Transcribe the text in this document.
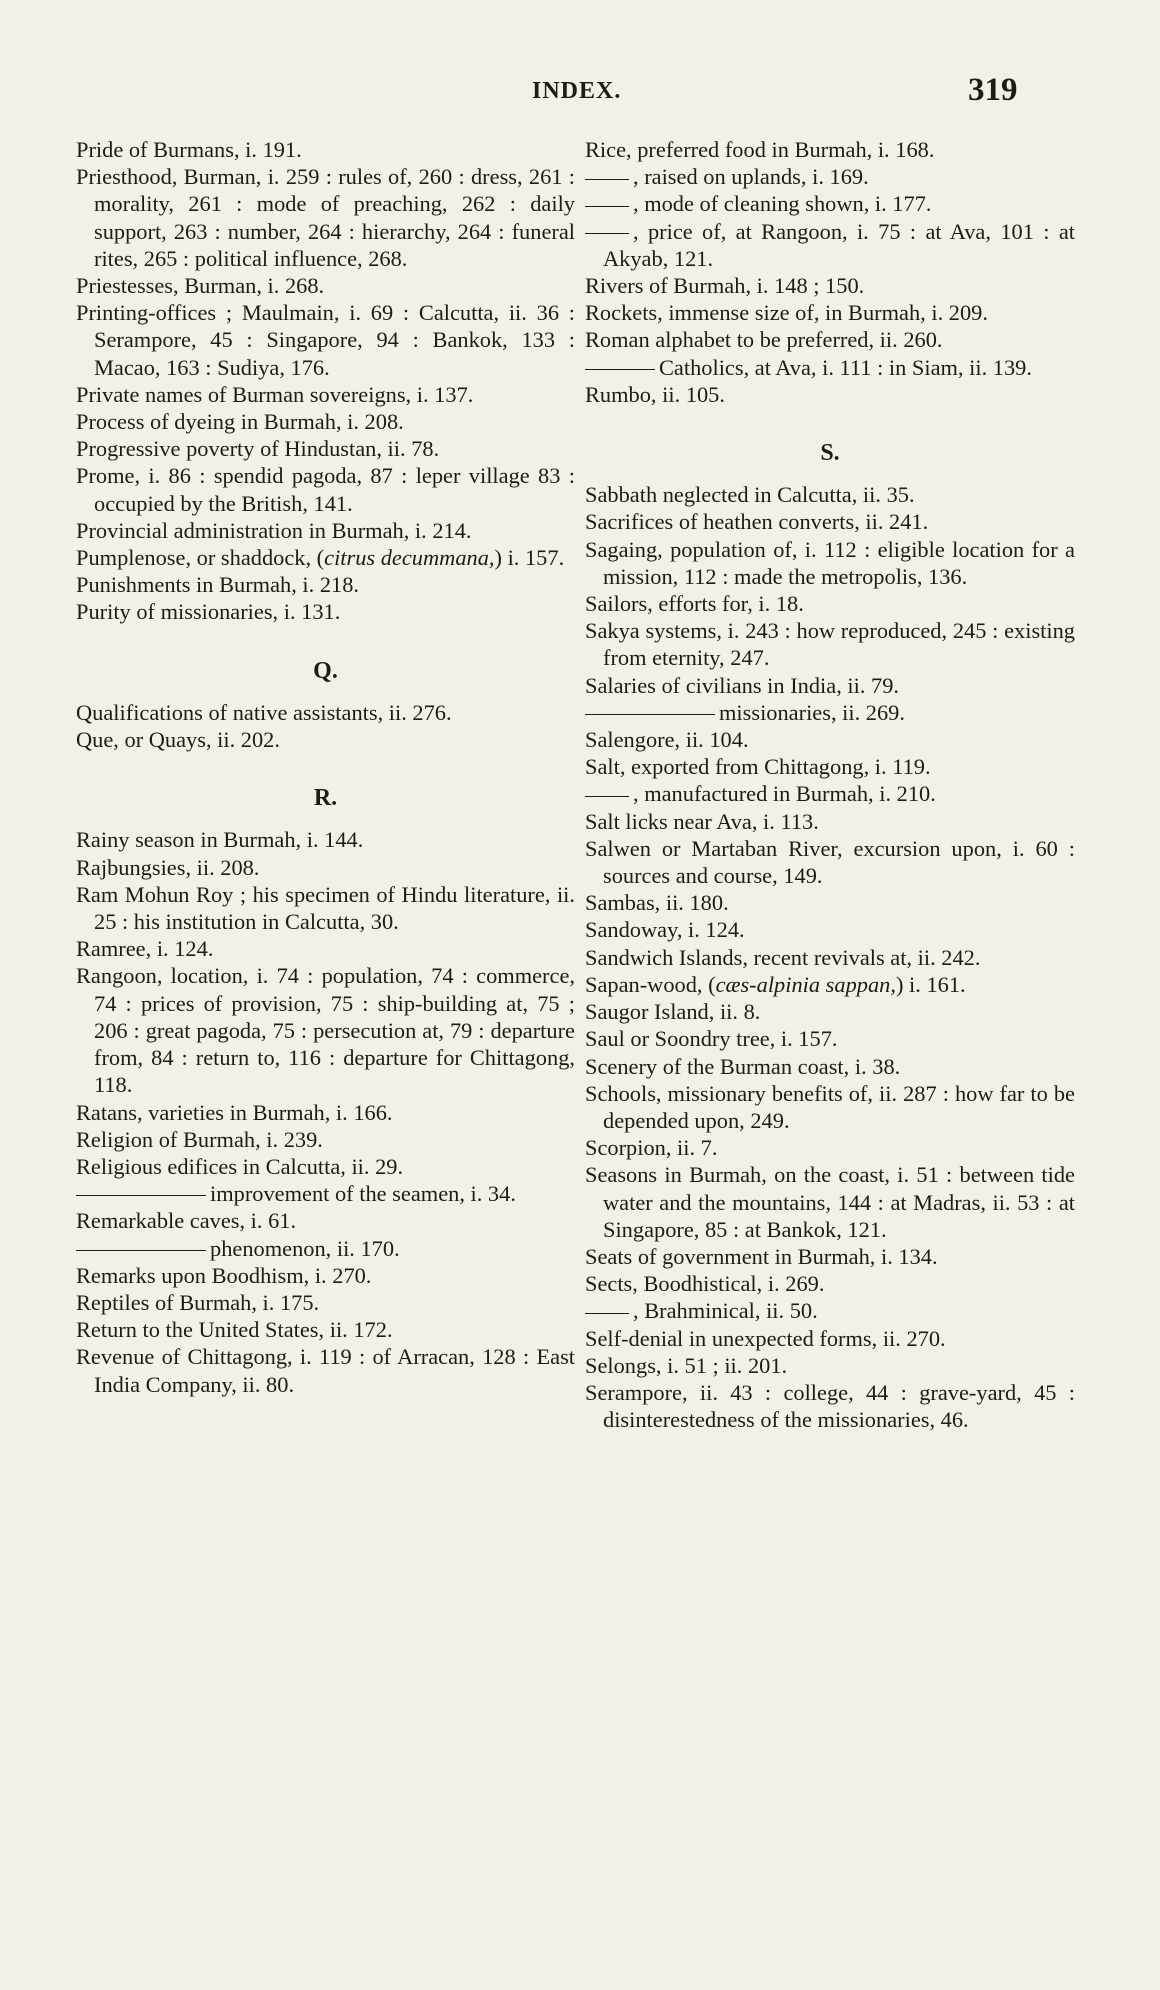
INDEX.	319

Pride of Burmans, i. 191.

Priesthood, Burman, i. 259 : rules of, 260 : dress, 261 : morality, 261 : mode of preaching, 262 : daily support, 263 : number, 264 : hierarchy, 264 : funeral rites, 265 : political influence, 268.

Priestesses, Burman, i. 268.

Printing-offices ; Maulmain, i. 69 : Calcutta, ii. 36 : Serampore, 45 : Singapore, 94 : Bankok, 133 : Macao, 163 : Sudiya, 176.

Private names of Burman sovereigns, i. 137.

Process of dyeing in Burmah, i. 208.

Progressive poverty of Hindustan, ii. 78.

Prome, i. 86 : spendid pagoda, 87 : leper village 83 : occupied by the British, 141.

Provincial administration in Burmah, i. 214.

Pumplenose, or shaddock, (citrus decummana,) i. 157.

Punishments in Burmah, i. 218.

Purity of missionaries, i. 131.

Q.

Qualifications of native assistants, ii. 276.

Que, or Quays, ii. 202.

R.

Rainy season in Burmah, i. 144.

Rajbungsies, ii. 208.

Ram Mohun Roy ; his specimen of Hindu literature, ii. 25 : his institution in Calcutta, 30.

Ramree, i. 124.

Rangoon, location, i. 74 : population, 74 : commerce, 74 : prices of provision, 75 : ship-building at, 75 ; 206 : great pagoda, 75 : persecution at, 79 : departure from, 84 : return to, 116 : departure for Chittagong, 118.

Ratans, varieties in Burmah, i. 166.

Religion of Burmah, i. 239.

Religious edifices in Calcutta, ii. 29.

improvement of the seamen, i. 34.

Remarkable caves, i. 61.

phenomenon, ii. 170.

Remarks upon Boodhism, i. 270.

Reptiles of Burmah, i. 175.

Return to the United States, ii. 172.

Revenue of Chittagong, i. 119 : of Arracan, 128 : East India Company, ii. 80.

Rice, preferred food in Burmah, i. 168.

, raised on uplands, i. 169.

, mode of cleaning shown, i. 177.

, price of, at Rangoon, i. 75 : at Ava, 101 : at Akyab, 121.

Rivers of Burmah, i. 148 ; 150.

Rockets, immense size of, in Burmah, i. 209.

Roman alphabet to be preferred, ii. 260.

Catholics, at Ava, i. 111 : in Siam, ii. 139.

Rumbo, ii. 105.

S.

Sabbath neglected in Calcutta, ii. 35.

Sacrifices of heathen converts, ii. 241.

Sagaing, population of, i. 112 : eligible location for a mission, 112 : made the metropolis, 136.

Sailors, efforts for, i. 18.

Sakya systems, i. 243 : how reproduced, 245 : existing from eternity, 247.

Salaries of civilians in India, ii. 79.

missionaries, ii. 269.

Salengore, ii. 104.

Salt, exported from Chittagong, i. 119.

, manufactured in Burmah, i. 210.

Salt licks near Ava, i. 113.

Salwen or Martaban River, excursion upon, i. 60 : sources and course, 149.

Sambas, ii. 180.

Sandoway, i. 124.

Sandwich Islands, recent revivals at, ii. 242.

Sapan-wood, (cæs-alpinia sappan,) i. 161.

Saugor Island, ii. 8.

Saul or Soondry tree, i. 157.

Scenery of the Burman coast, i. 38.

Schools, missionary benefits of, ii. 287 : how far to be depended upon, 249.

Scorpion, ii. 7.

Seasons in Burmah, on the coast, i. 51 : between tide water and the mountains, 144 : at Madras, ii. 53 : at Singapore, 85 : at Bankok, 121.

Seats of government in Burmah, i. 134.

Sects, Boodhistical, i. 269.

, Brahminical, ii. 50.

Self-denial in unexpected forms, ii. 270.

Selongs, i. 51 ; ii. 201.

Serampore, ii. 43 : college, 44 : grave-yard, 45 : disinterestedness of the missionaries, 46.
